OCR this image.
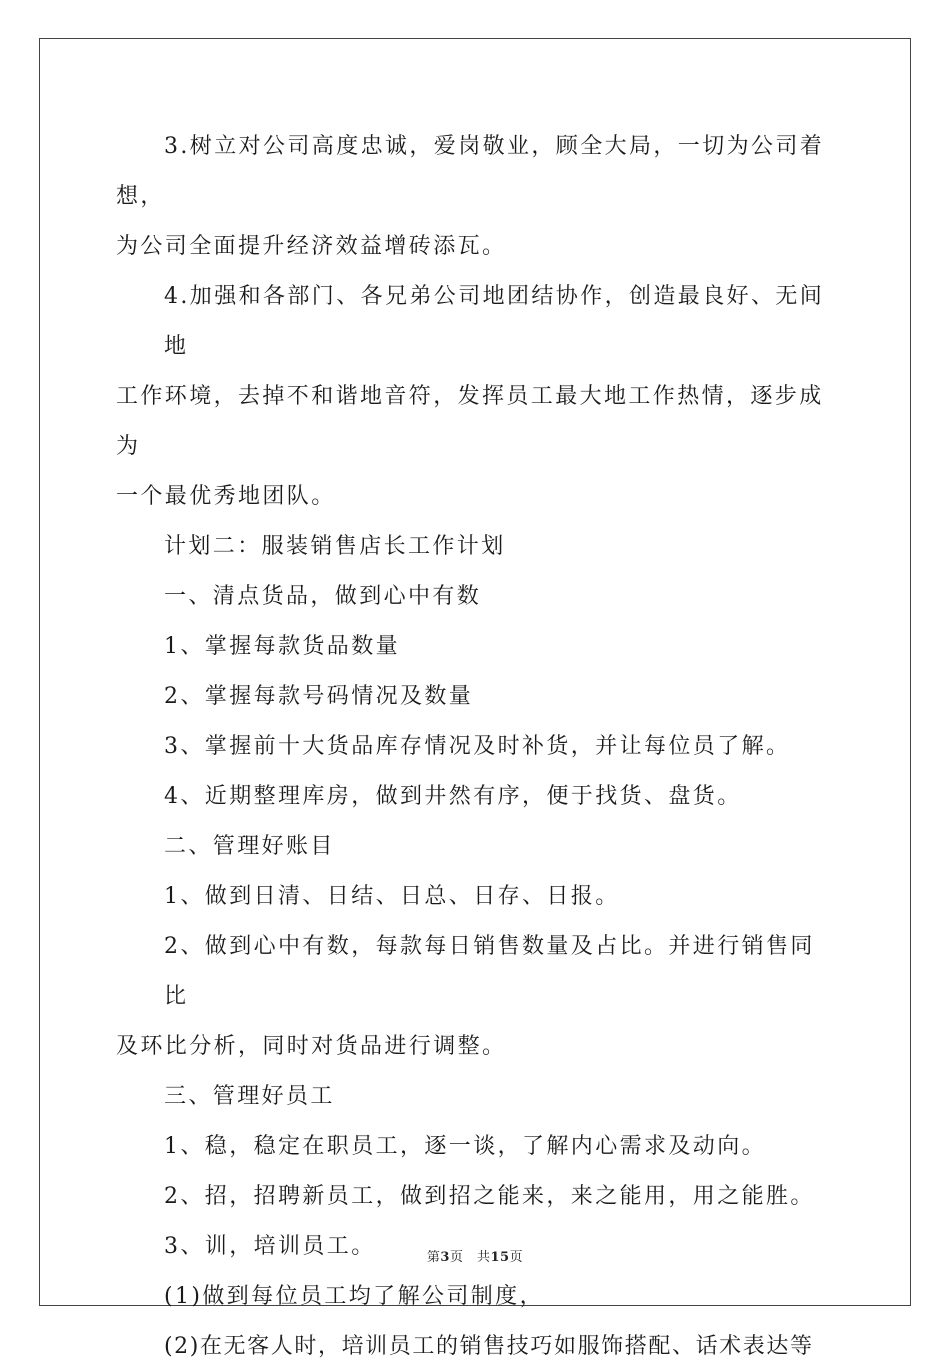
3.树立对公司高度忠诚，爱岗敬业，顾全大局，一切为公司着想，
为公司全面提升经济效益增砖添瓦。

4.加强和各部门、各兄弟公司地团结协作，创造最良好、无间地
工作环境，去掉不和谐地音符，发挥员工最大地工作热情，逐步成为
一个最优秀地团队。

计划二：服装销售店长工作计划

一、清点货品，做到心中有数

1、掌握每款货品数量

2、掌握每款号码情况及数量

3、掌握前十大货品库存情况及时补货，并让每位员了解。

4、近期整理库房，做到井然有序，便于找货、盘货。

二、管理好账目

1、做到日清、日结、日总、日存、日报。

2、做到心中有数，每款每日销售数量及占比。并进行销售同比
及环比分析，同时对货品进行调整。

三、管理好员工

1、稳，稳定在职员工，逐一谈，了解内心需求及动向。

2、招，招聘新员工，做到招之能来，来之能用，用之能胜。

3、训，培训员工。

(1)做到每位员工均了解公司制度，

(2)在无客人时，培训员工的销售技巧如服饰搭配、话术表达等

第3页　共15页
